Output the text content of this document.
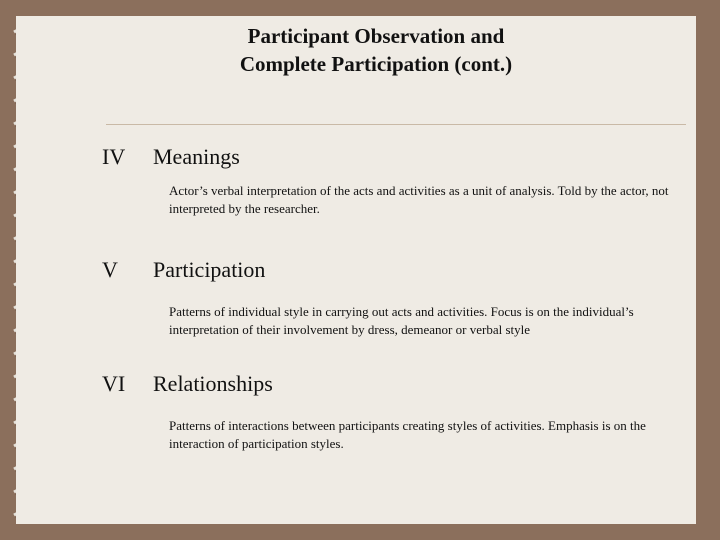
Participant Observation and
Complete Participation (cont.)
IV Meanings
Actor’s verbal interpretation of the acts and activities as a unit of analysis. Told by the actor, not interpreted by the researcher.
V Participation
Patterns of individual style in carrying out acts and activities. Focus is on the individual’s interpretation of their involvement by dress, demeanor or verbal style
VI Relationships
Patterns of interactions between participants creating styles of activities. Emphasis is on the interaction of participation styles.
